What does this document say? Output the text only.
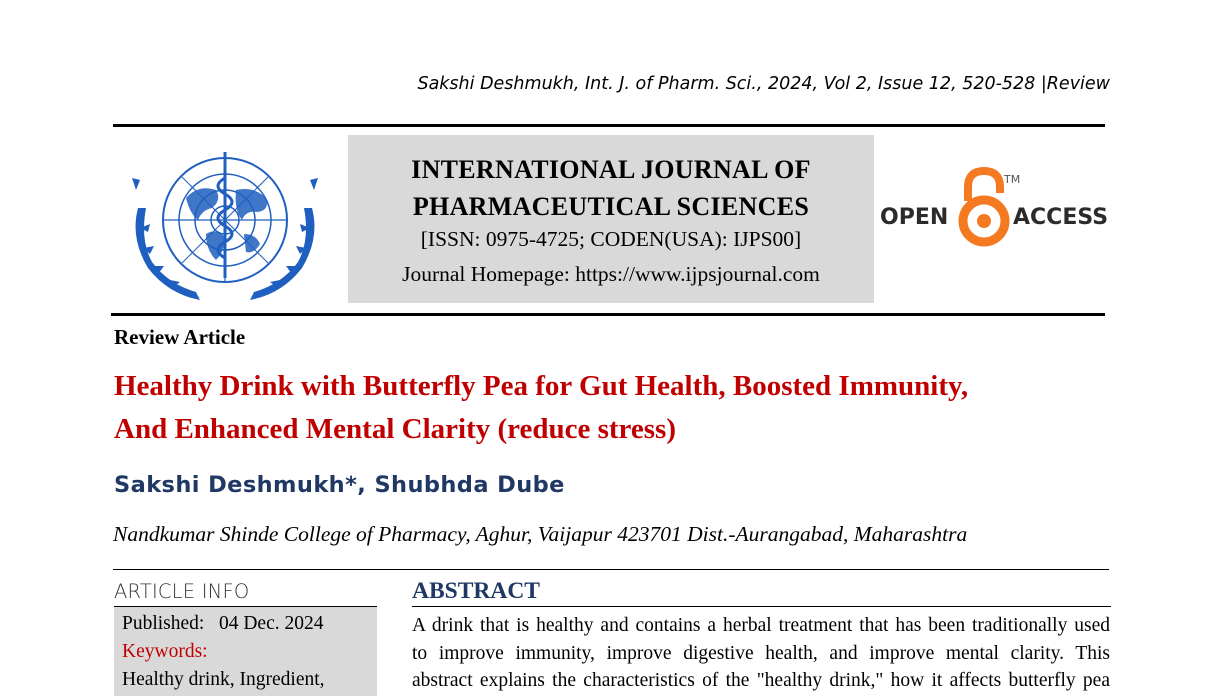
Sakshi Deshmukh, Int. J. of Pharm. Sci., 2024, Vol 2, Issue 12, 520-528 |Review
INTERNATIONAL JOURNAL OF
PHARMACEUTICAL SCIENCES
[ISSN: 0975-4725; CODEN(USA): IJPS00]
Journal Homepage: https://www.ijpsjournal.com
OPEN	ACCESS
TM
Review Article
Healthy Drink with Butterfly Pea for Gut Health, Boosted Immunity,
And Enhanced Mental Clarity (reduce stress)
Sakshi Deshmukh*, Shubhda Dube
Nandkumar Shinde College of Pharmacy, Aghur, Vaijapur 423701 Dist.-Aurangabad, Maharashtra
ARTICLE INFO
Published: 04 Dec. 2024
Keywords:
Healthy drink, Ingredient,
ABSTRACT
A drink that is healthy and contains a herbal treatment that has been traditionally used
to improve immunity, improve digestive health, and improve mental clarity. This
abstract explains the characteristics of the "healthy drink," how it affects butterfly pea
